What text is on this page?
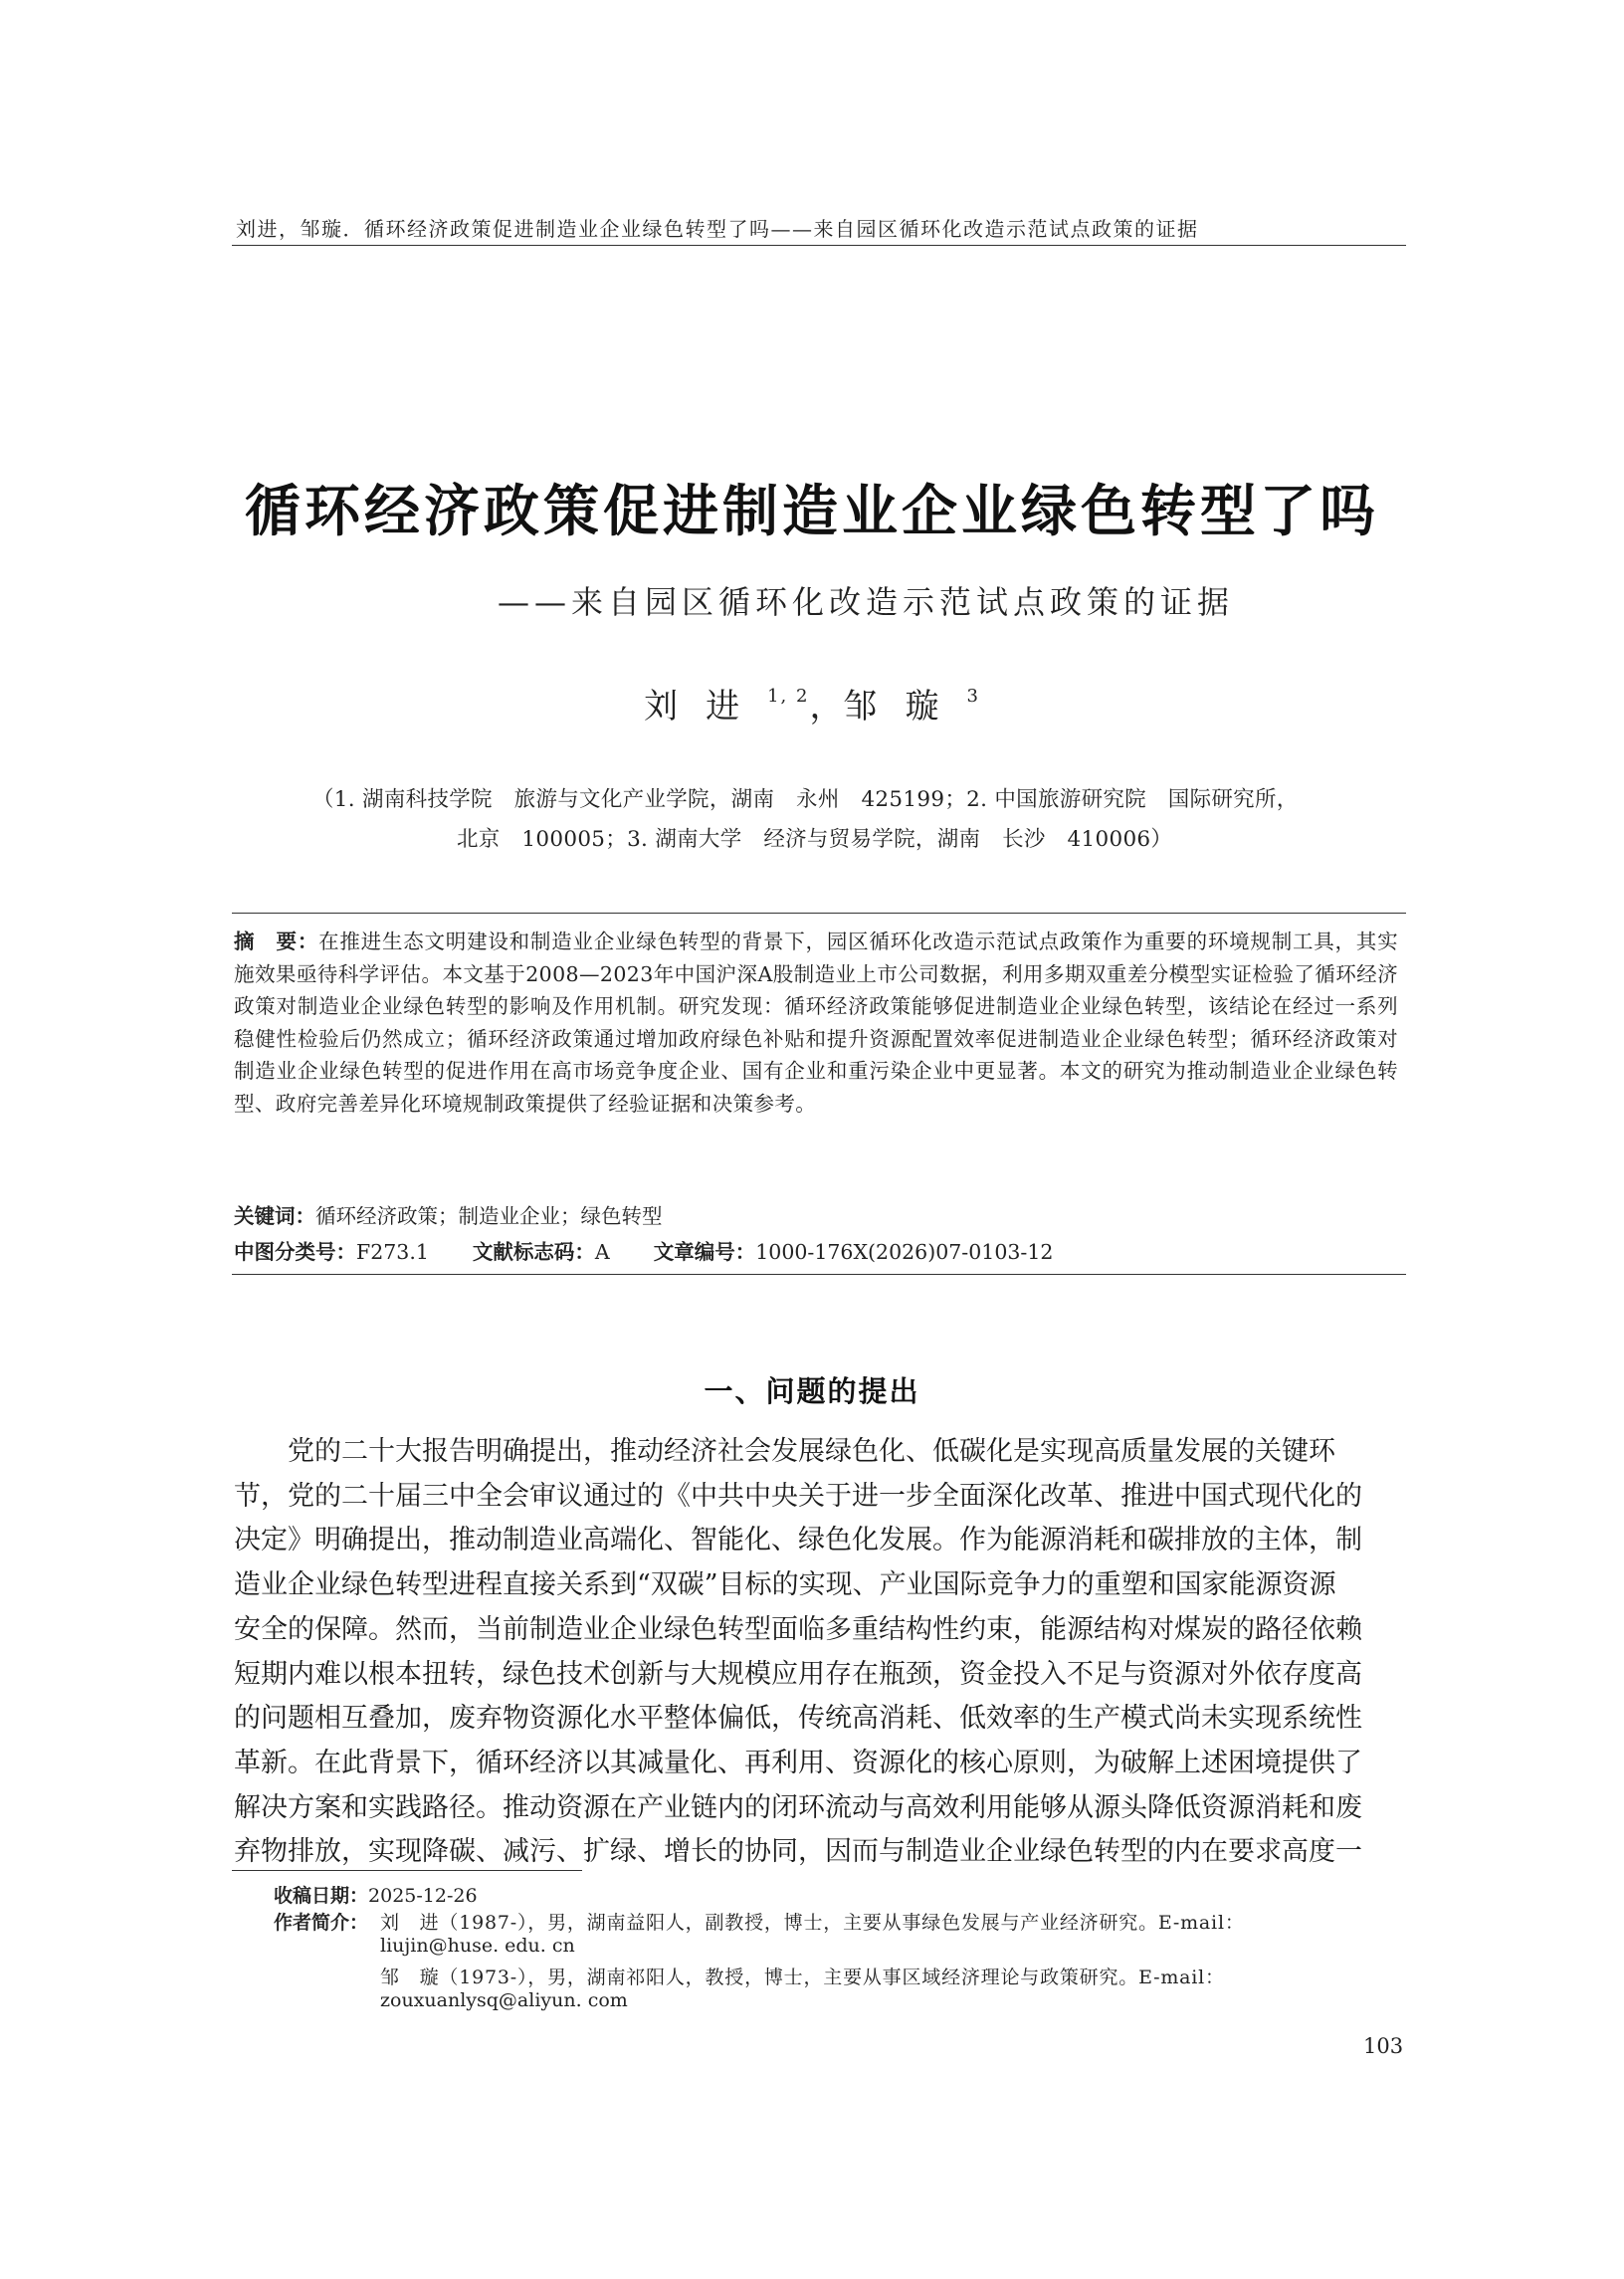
刘进，邹璇．循环经济政策促进制造业企业绿色转型了吗——来自园区循环化改造示范试点政策的证据
循环经济政策促进制造业企业绿色转型了吗
——来自园区循环化改造示范试点政策的证据
刘进$^{1, 2}$，邹璇$^3$
（1. 湖南科技学院　旅游与文化产业学院，湖南　永州　425199；2. 中国旅游研究院　国际研究所，
北京　100005；3. 湖南大学　经济与贸易学院，湖南　长沙　410006）
摘　要：在推进生态文明建设和制造业企业绿色转型的背景下，园区循环化改造示范试点政策作为重要的环境规制工具，其实施效果亟待科学评估。本文基于2008—2023年中国沪深A股制造业上市公司数据，利用多期双重差分模型实证检验了循环经济政策对制造业企业绿色转型的影响及作用机制。研究发现：循环经济政策能够促进制造业企业绿色转型，该结论在经过一系列稳健性检验后仍然成立；循环经济政策通过增加政府绿色补贴和提升资源配置效率促进制造业企业绿色转型；循环经济政策对制造业企业绿色转型的促进作用在高市场竞争度企业、国有企业和重污染企业中更显著。本文的研究为推动制造业企业绿色转型、政府完善差异化环境规制政策提供了经验证据和决策参考。
关键词：循环经济政策；制造业企业；绿色转型
中图分类号：F273.1 文献标志码：A 文章编号：1000-176X(2026)07-0103-12
一、问题的提出
党的二十大报告明确提出，推动经济社会发展绿色化、低碳化是实现高质量发展的关键环
节，党的二十届三中全会审议通过的《中共中央关于进一步全面深化改革、推进中国式现代化的
决定》明确提出，推动制造业高端化、智能化、绿色化发展。作为能源消耗和碳排放的主体，制
造业企业绿色转型进程直接关系到“双碳”目标的实现、产业国际竞争力的重塑和国家能源资源
安全的保障。然而，当前制造业企业绿色转型面临多重结构性约束，能源结构对煤炭的路径依赖
短期内难以根本扭转，绿色技术创新与大规模应用存在瓶颈，资金投入不足与资源对外依存度高
的问题相互叠加，废弃物资源化水平整体偏低，传统高消耗、低效率的生产模式尚未实现系统性
革新。在此背景下，循环经济以其减量化、再利用、资源化的核心原则，为破解上述困境提供了
解决方案和实践路径。推动资源在产业链内的闭环流动与高效利用能够从源头降低资源消耗和废
弃物排放，实现降碳、减污、扩绿、增长的协同，因而与制造业企业绿色转型的内在要求高度一
收稿日期：2025-12-26
作者简介： 刘　进（1987-），男，湖南益阳人，副教授，博士，主要从事绿色发展与产业经济研究。E-mail：
liujin@huse. edu. cn
邹　璇（1973-），男，湖南祁阳人，教授，博士，主要从事区域经济理论与政策研究。E-mail：
zouxuanlysq@aliyun. com
103
